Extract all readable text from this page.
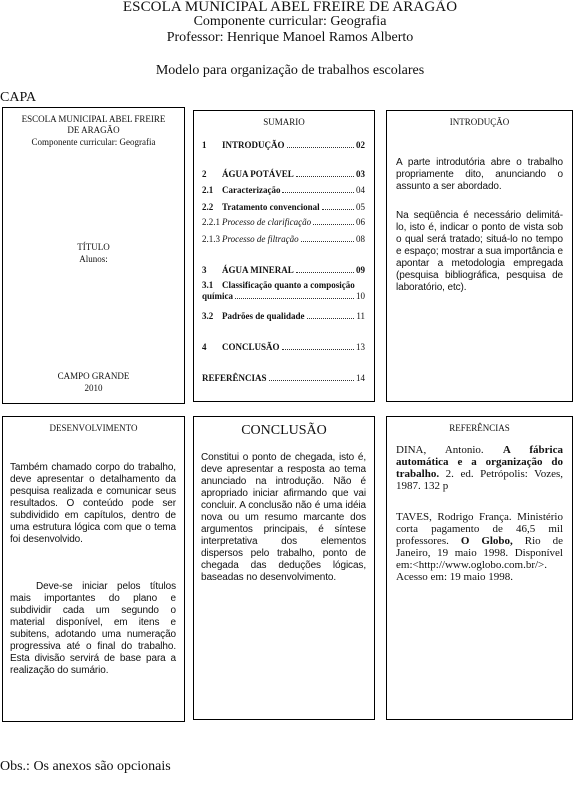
ESCOLA MUNICIPAL ABEL FREIRE DE ARAGÃO
Componente curricular: Geografia
Professor: Henrique Manoel Ramos Alberto
Modelo para organização de trabalhos escolares
CAPA
ESCOLA MUNICIPAL ABEL FREIRE
DE ARAGÃO
Componente curricular: Geografia
TÍTULO
Alunos:
CAMPO GRANDE
2010
SUMARIO
1	INTRODUÇÃO	02
2	ÁGUA POTÁVEL	03
2.1 Caracterização	04
2.2 Tratamento convencional	05
2.2.1 Processo de clarificação	06
2.1.3 Processo de filtração	08
3	ÁGUA MINERAL	09
3.1 Classificação quanto a composição
química	10
3.2 Padrões de qualidade	11
4	CONCLUSÃO	13
REFERÊNCIAS	14
INTRODUÇÃO
A parte introdutória abre o trabalho propriamente dito, anunciando o assunto a ser abordado.
Na seqüência é necessário delimitá-lo, isto é, indicar o ponto de vista sob o qual será tratado; situá-lo no tempo e espaço; mostrar a sua importância e apontar a metodologia empregada (pesquisa bibliográfica, pesquisa de laboratório, etc).
DESENVOLVIMENTO
Também chamado corpo do trabalho, deve apresentar o detalhamento da pesquisa realizada e comunicar seus resultados. O conteúdo pode ser subdividido em capítulos, dentro de uma estrutura lógica com que o tema foi desenvolvido.
Deve-se iniciar pelos títulos mais importantes do plano e subdividir cada um segundo o material disponível, em itens e subitens, adotando uma numeração progressiva até o final do trabalho. Esta divisão servirá de base para a realização do sumário.
CONCLUSÃO
Constitui o ponto de chegada, isto é, deve apresentar a resposta ao tema anunciado na introdução. Não é apropriado iniciar afirmando que vai concluir. A conclusão não é uma idéia nova ou um resumo marcante dos argumentos principais, é síntese interpretativa dos elementos dispersos pelo trabalho, ponto de chegada das deduções lógicas, baseadas no desenvolvimento.
REFERÊNCIAS
DINA, Antonio. A fábrica automática e a organização do trabalho. 2. ed. Petrópolis: Vozes, 1987. 132 p
TAVES, Rodrigo França. Ministério corta pagamento de 46,5 mil professores. O Globo, Rio de Janeiro, 19 maio 1998. Disponível em:<http://www.oglobo.com.br/>. Acesso em: 19 maio 1998.
Obs.: Os anexos são opcionais
